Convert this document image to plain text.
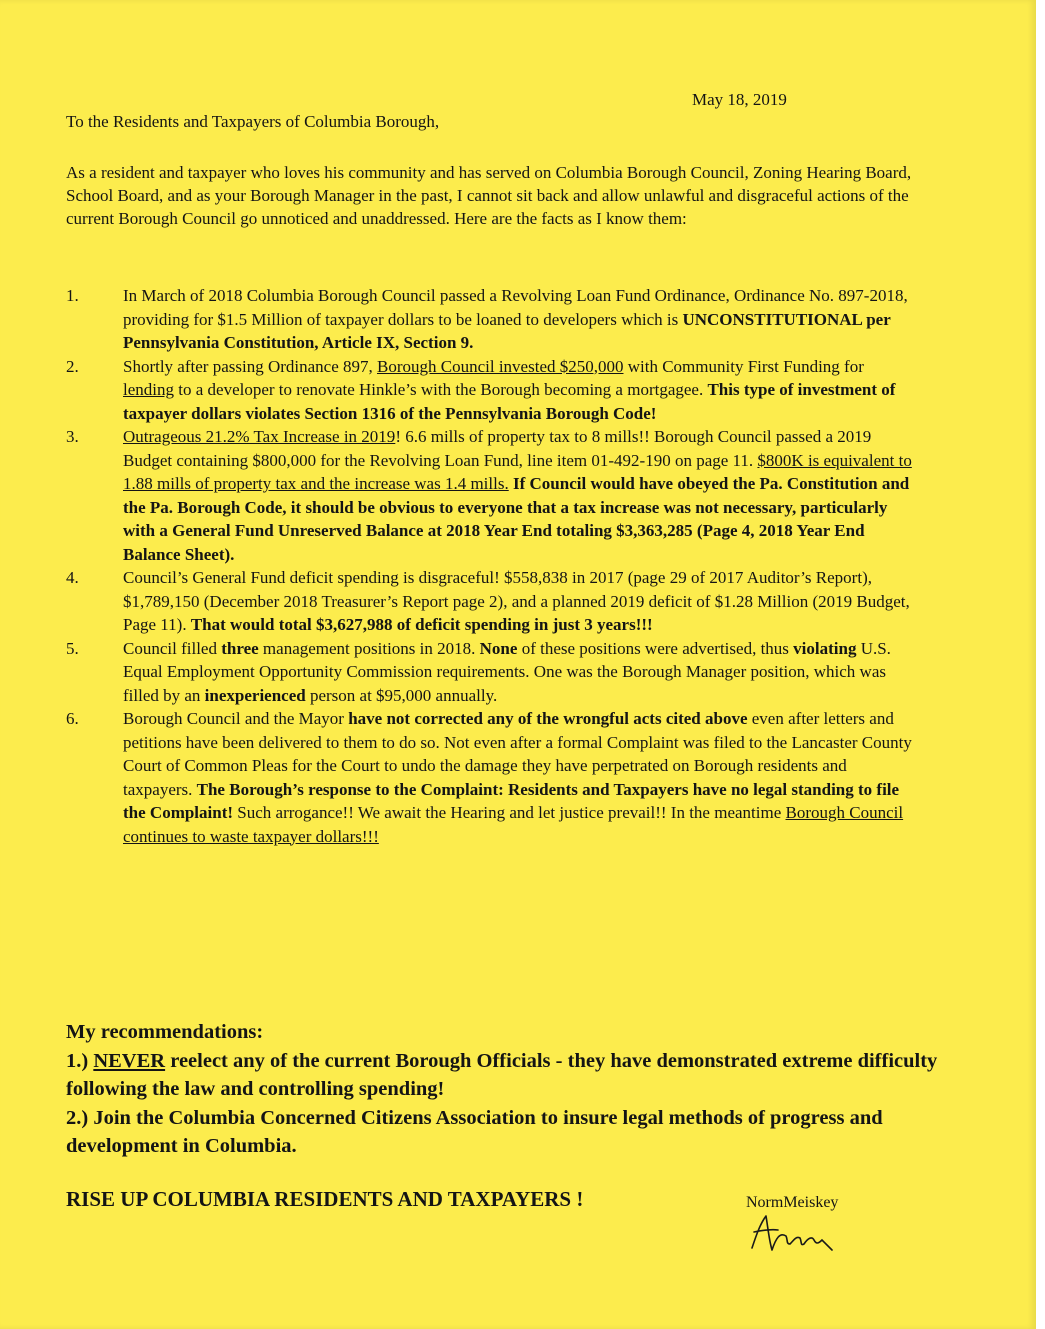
May 18, 2019
To the Residents and Taxpayers of Columbia Borough,

As a resident and taxpayer who loves his community and has served on Columbia Borough Council, Zoning Hearing Board, School Board, and as your Borough Manager in the past, I cannot sit back and allow unlawful and disgraceful actions of the current Borough Council go unnoticed and unaddressed. Here are the facts as I know them:

1.	In March of 2018 Columbia Borough Council passed a Revolving Loan Fund Ordinance, Ordinance No. 897-2018, providing for $1.5 Million of taxpayer dollars to be loaned to developers which is UNCONSTITUTIONAL per Pennsylvania Constitution, Article IX, Section 9.
2.	Shortly after passing Ordinance 897, Borough Council invested $250,000 with Community First Funding for lending to a developer to renovate Hinkle’s with the Borough becoming a mortgagee. This type of investment of taxpayer dollars violates Section 1316 of the Pennsylvania Borough Code!
3.	Outrageous 21.2% Tax Increase in 2019! 6.6 mills of property tax to 8 mills!! Borough Council passed a 2019 Budget containing $800,000 for the Revolving Loan Fund, line item 01-492-190 on page 11. $800K is equivalent to 1.88 mills of property tax and the increase was 1.4 mills. If Council would have obeyed the Pa. Constitution and the Pa. Borough Code, it should be obvious to everyone that a tax increase was not necessary, particularly with a General Fund Unreserved Balance at 2018 Year End totaling $3,363,285 (Page 4, 2018 Year End Balance Sheet).
4.	Council’s General Fund deficit spending is disgraceful! $558,838 in 2017 (page 29 of 2017 Auditor’s Report), $1,789,150 (December 2018 Treasurer’s Report page 2), and a planned 2019 deficit of $1.28 Million (2019 Budget, Page 11). That would total $3,627,988 of deficit spending in just 3 years!!!
5.	Council filled three management positions in 2018. None of these positions were advertised, thus violating U.S. Equal Employment Opportunity Commission requirements. One was the Borough Manager position, which was filled by an inexperienced person at $95,000 annually.
6.	Borough Council and the Mayor have not corrected any of the wrongful acts cited above even after letters and petitions have been delivered to them to do so. Not even after a formal Complaint was filed to the Lancaster County Court of Common Pleas for the Court to undo the damage they have perpetrated on Borough residents and taxpayers. The Borough’s response to the Complaint: Residents and Taxpayers have no legal standing to file the Complaint! Such arrogance!! We await the Hearing and let justice prevail!! In the meantime Borough Council continues to waste taxpayer dollars!!!
My recommendations:
1.) NEVER reelect any of the current Borough Officials - they have demonstrated extreme difficulty following the law and controlling spending!
2.) Join the Columbia Concerned Citizens Association to insure legal methods of progress and development in Columbia.
RISE UP COLUMBIA RESIDENTS AND TAXPAYERS !	NormMeiskey
